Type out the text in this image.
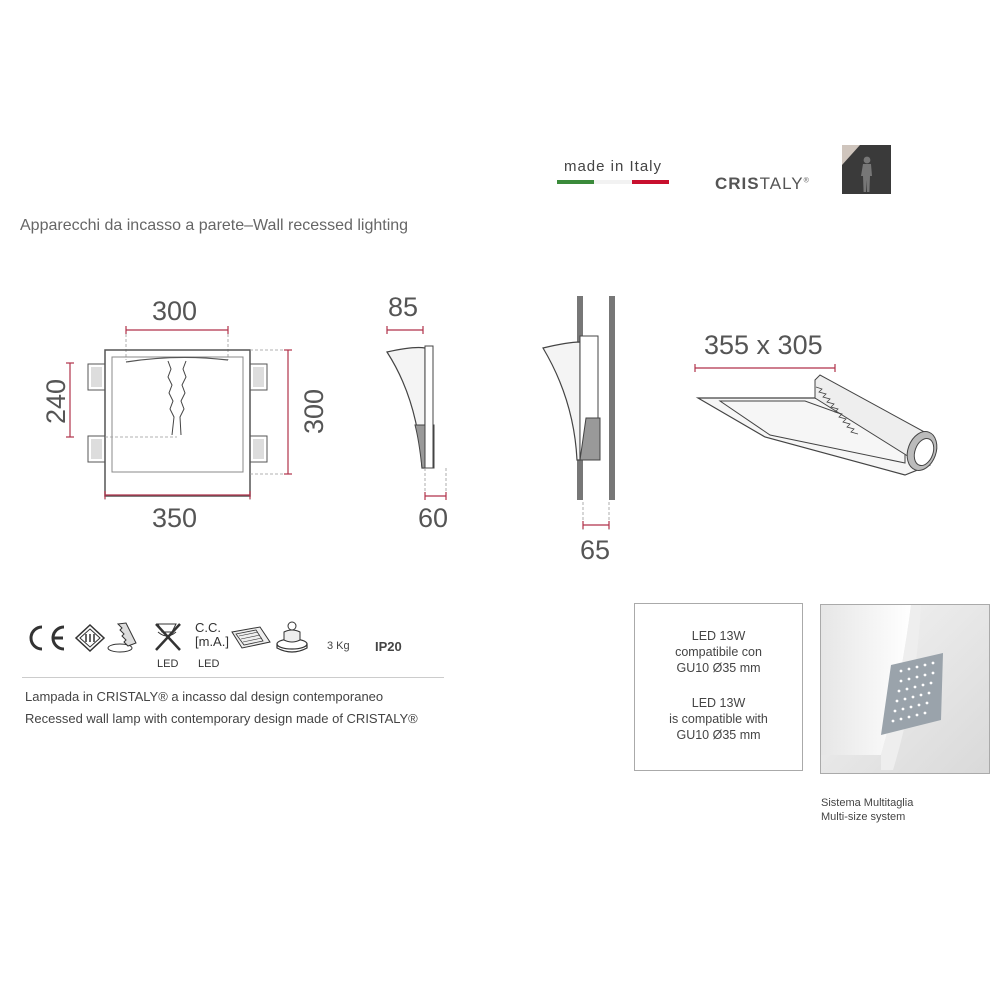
made in Italy
CRISTALY®
Apparecchi da incasso a parete–Wall recessed lighting
300
240	300
350
85
60
65
355 x 305
LED
C.C.
[m.A.]
LED
3 Kg IP20
Lampada in CRISTALY® a incasso dal design contemporaneo
Recessed wall lamp with contemporary design made of CRISTALY®
LED 13W
compatibile con
GU10 Ø35 mm
LED 13W
is compatible with
GU10 Ø35 mm
Sistema Multitaglia
Multi-size system
